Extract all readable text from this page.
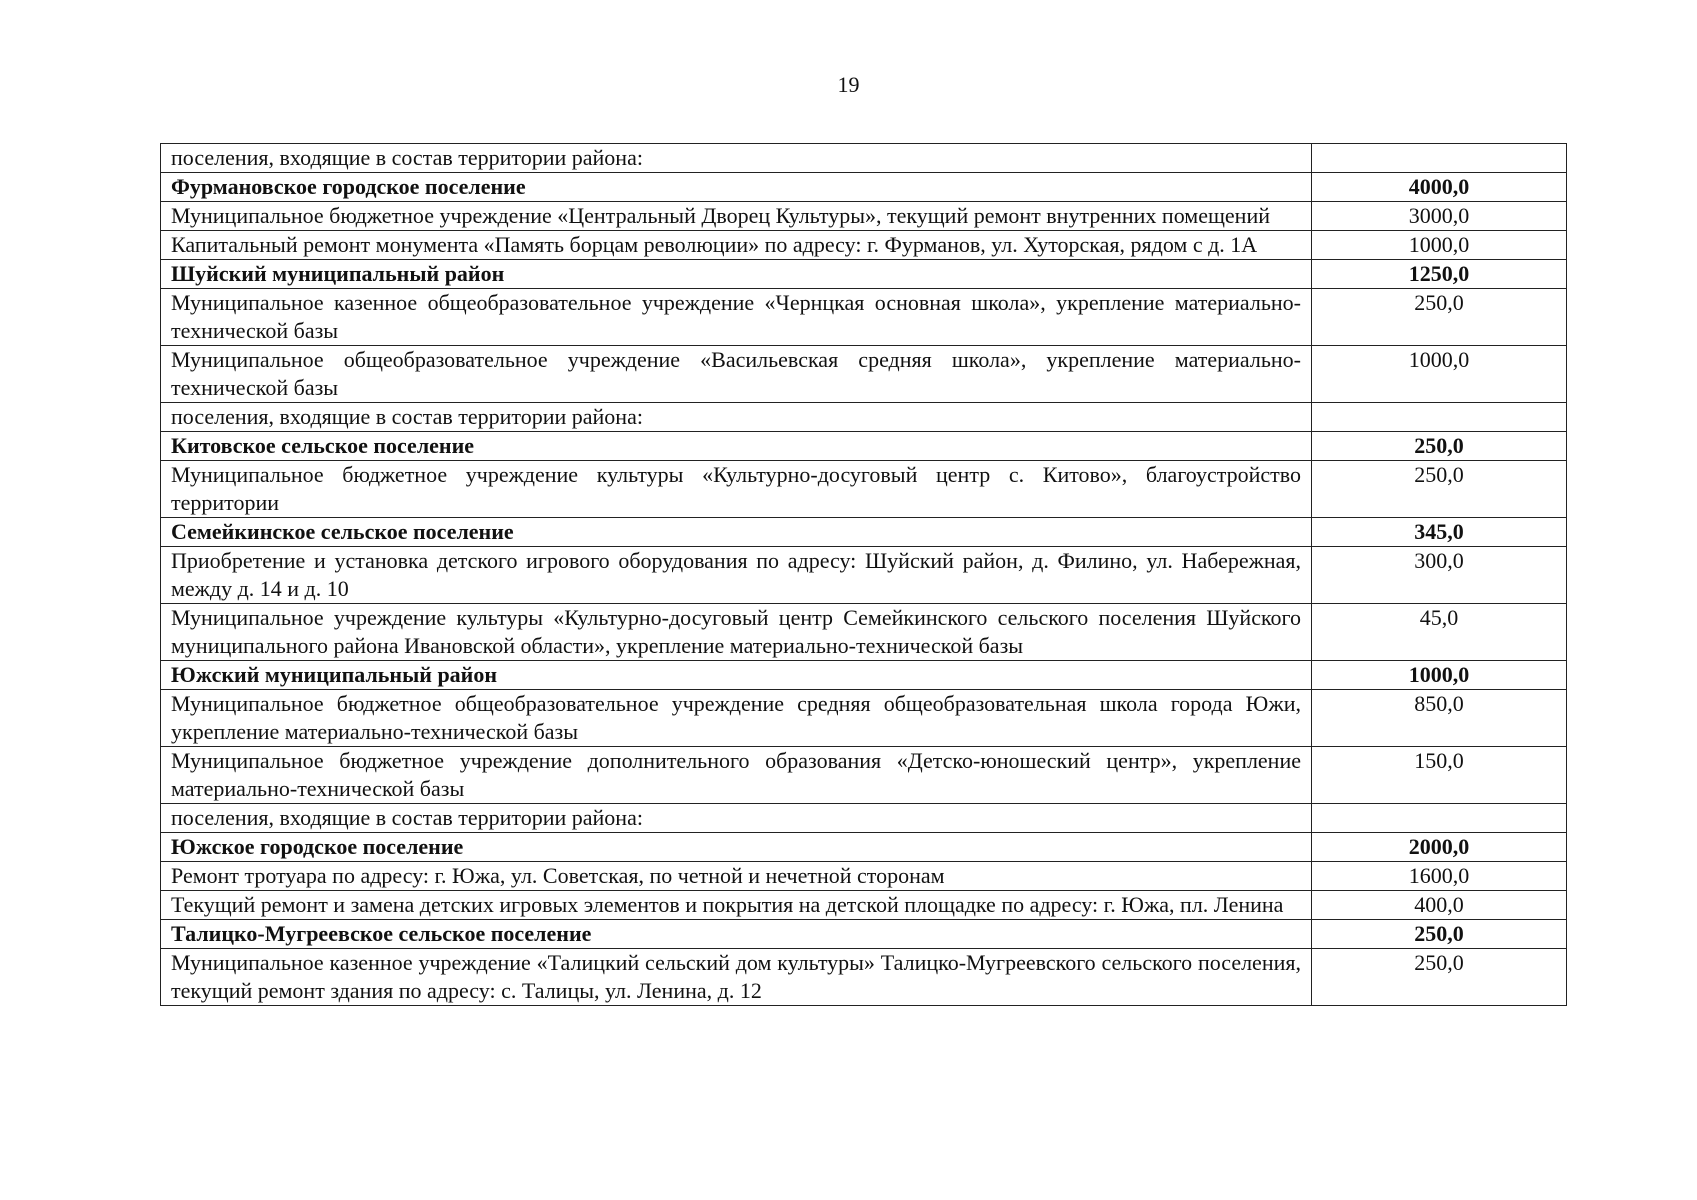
19
поселения, входящие в состав территории района:	
Фурмановское городское поселение	4000,0
Муниципальное бюджетное учреждение «Центральный Дворец Культуры», текущий ремонт внутренних помещений	3000,0
Капитальный ремонт монумента «Память борцам революции» по адресу: г. Фурманов, ул. Хуторская, рядом с д. 1А	1000,0
Шуйский муниципальный район	1250,0
Муниципальное казенное общеобразовательное учреждение «Чернцкая основная школа», укрепление материально-технической базы	250,0
Муниципальное общеобразовательное учреждение «Васильевская средняя школа», укрепление материально-технической базы	1000,0
поселения, входящие в состав территории района:	
Китовское сельское поселение	250,0
Муниципальное бюджетное учреждение культуры «Культурно-досуговый центр с. Китово», благоустройство территории	250,0
Семейкинское сельское поселение	345,0
Приобретение и установка детского игрового оборудования по адресу: Шуйский район, д. Филино, ул. Набережная, между д. 14 и д. 10	300,0
Муниципальное учреждение культуры «Культурно-досуговый центр Семейкинского сельского поселения Шуйского муниципального района Ивановской области», укрепление материально-технической базы	45,0
Южский муниципальный район	1000,0
Муниципальное бюджетное общеобразовательное учреждение средняя общеобразовательная школа города Южи, укрепление материально-технической базы	850,0
Муниципальное бюджетное учреждение дополнительного образования «Детско-юношеский центр», укрепление материально-технической базы	150,0
поселения, входящие в состав территории района:	
Южское городское поселение	2000,0
Ремонт тротуара по адресу: г. Южа, ул. Советская, по четной и нечетной сторонам	1600,0
Текущий ремонт и замена детских игровых элементов и покрытия на детской площадке по адресу: г. Южа, пл. Ленина	400,0
Талицко-Мугреевское сельское поселение	250,0
Муниципальное казенное учреждение «Талицкий сельский дом культуры» Талицко-Мугреевского сельского поселения, текущий ремонт здания по адресу: с. Талицы, ул. Ленина, д. 12	250,0
